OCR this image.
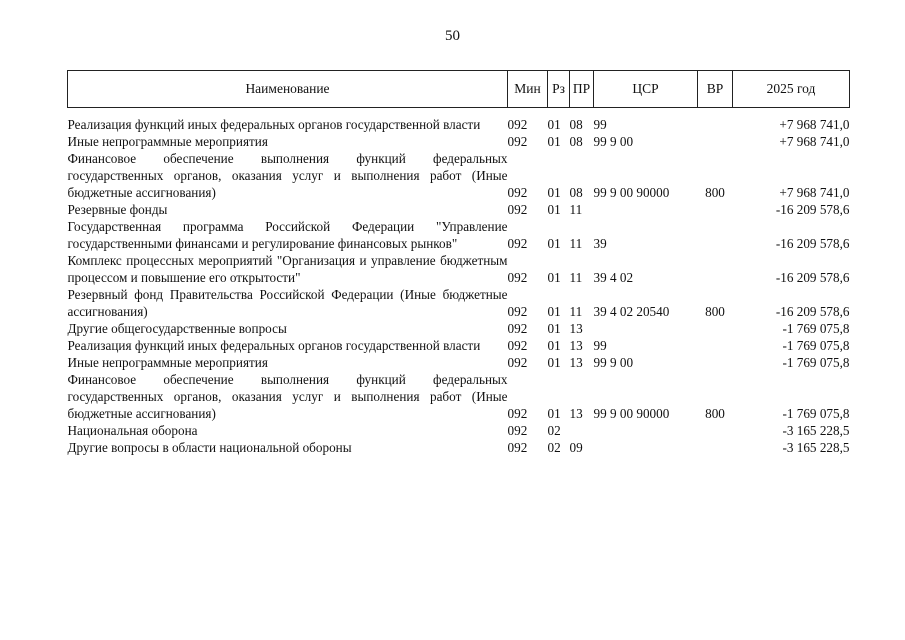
50
Наименование	Мин	Рз	ПР	ЦСР	ВР	2025 год

Реализация функций иных федеральных органов государственной власти	092	01	08	99		+7 968 741,0
Иные непрограммные мероприятия	092	01	08	99 9 00		+7 968 741,0
Финансовое обеспечение выполнения функций федеральных государственных органов, оказания услуг и выполнения работ (Иные бюджетные ассигнования)	092	01	08	99 9 00 90000	800	+7 968 741,0
Резервные фонды	092	01	11			-16 209 578,6
Государственная программа Российской Федерации "Управление государственными финансами и регулирование финансовых рынков"	092	01	11	39		-16 209 578,6
Комплекс процессных мероприятий "Организация и управление бюджетным процессом и повышение его открытости"	092	01	11	39 4 02		-16 209 578,6
Резервный фонд Правительства Российской Федерации (Иные бюджетные ассигнования)	092	01	11	39 4 02 20540	800	-16 209 578,6
Другие общегосударственные вопросы	092	01	13			-1 769 075,8
Реализация функций иных федеральных органов государственной власти	092	01	13	99		-1 769 075,8
Иные непрограммные мероприятия	092	01	13	99 9 00		-1 769 075,8
Финансовое обеспечение выполнения функций федеральных государственных органов, оказания услуг и выполнения работ (Иные бюджетные ассигнования)	092	01	13	99 9 00 90000	800	-1 769 075,8
Национальная оборона	092	02				-3 165 228,5
Другие вопросы в области национальной обороны	092	02	09			-3 165 228,5
